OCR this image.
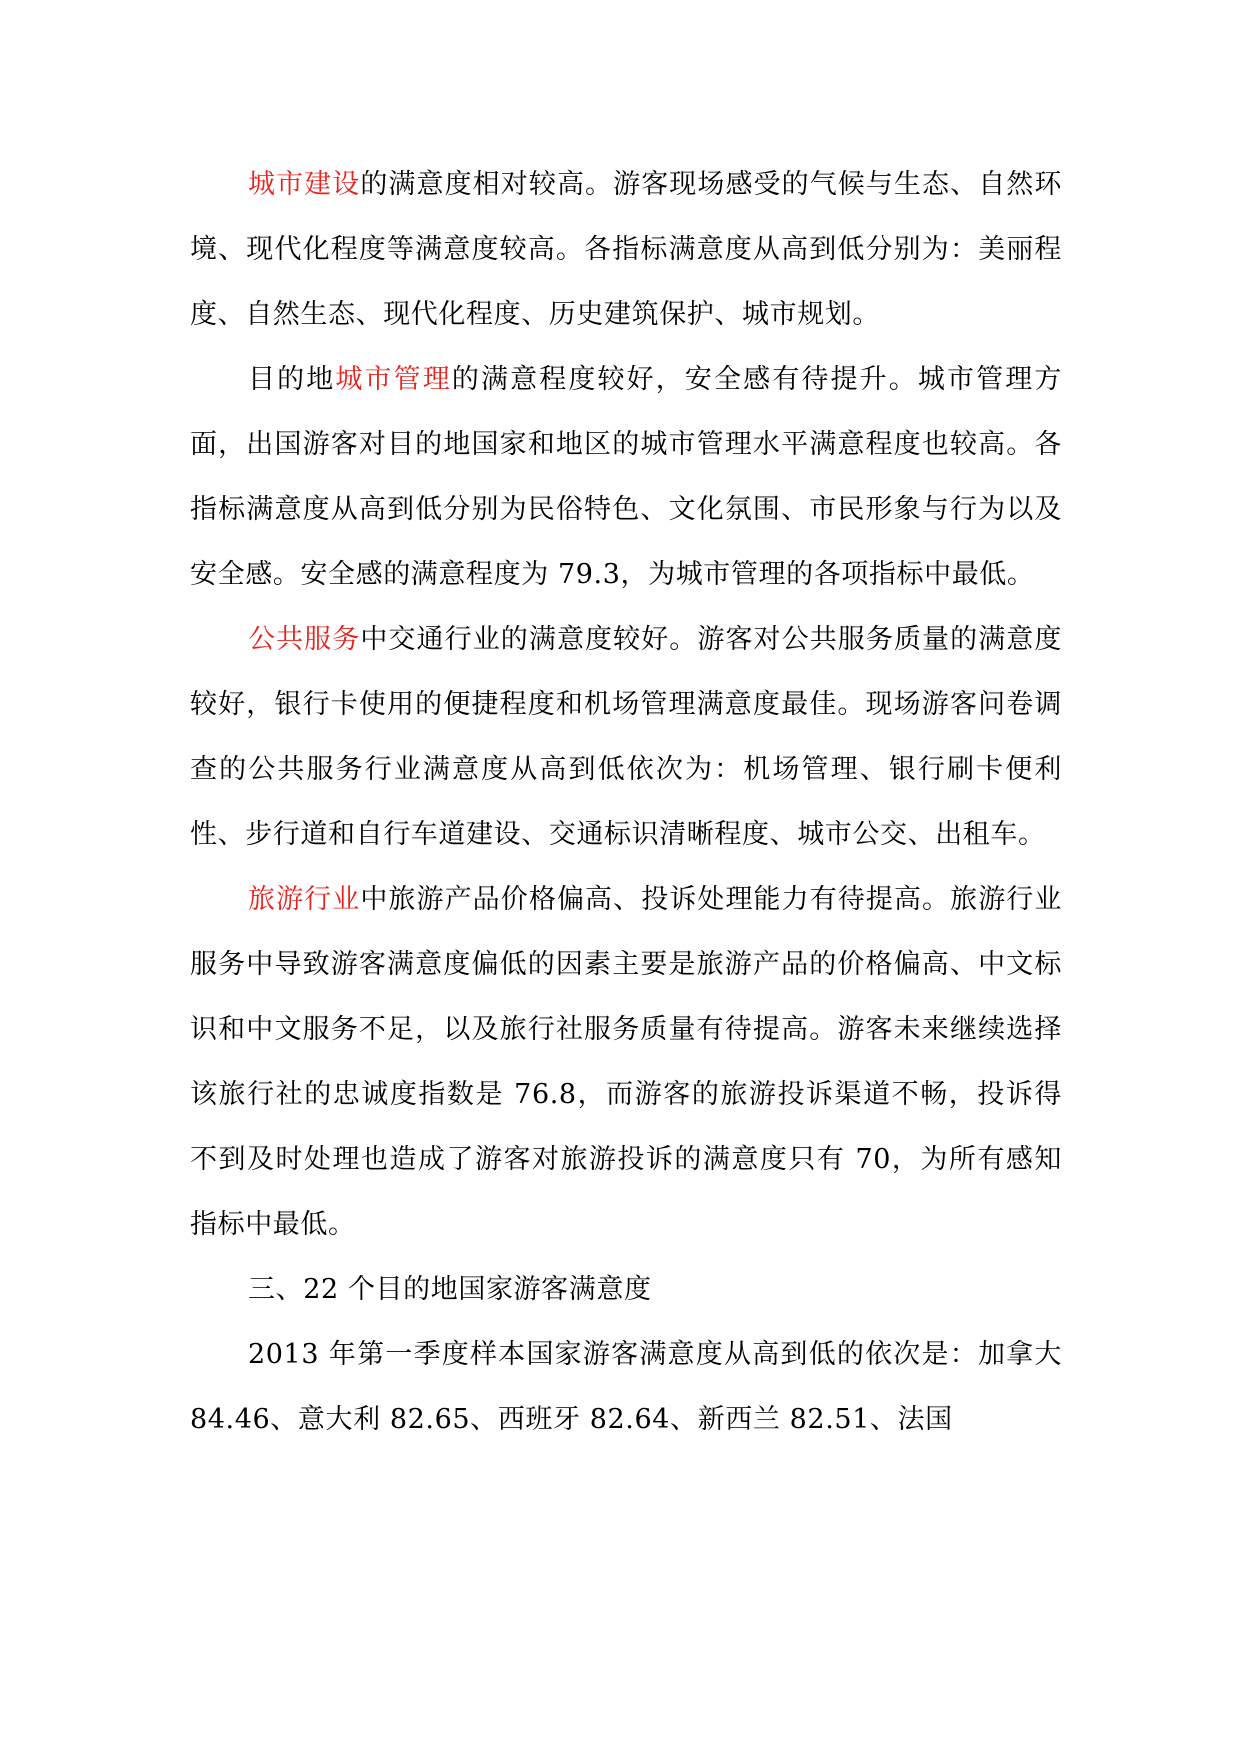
城市建设的满意度相对较高。游客现场感受的气候与生态、自然环境、现代化程度等满意度较高。各指标满意度从高到低分别为：美丽程度、自然生态、现代化程度、历史建筑保护、城市规划。

目的地城市管理的满意程度较好，安全感有待提升。城市管理方面，出国游客对目的地国家和地区的城市管理水平满意程度也较高。各指标满意度从高到低分别为民俗特色、文化氛围、市民形象与行为以及安全感。安全感的满意程度为 79.3，为城市管理的各项指标中最低。

公共服务中交通行业的满意度较好。游客对公共服务质量的满意度较好，银行卡使用的便捷程度和机场管理满意度最佳。现场游客问卷调查的公共服务行业满意度从高到低依次为：机场管理、银行刷卡便利性、步行道和自行车道建设、交通标识清晰程度、城市公交、出租车。

旅游行业中旅游产品价格偏高、投诉处理能力有待提高。旅游行业服务中导致游客满意度偏低的因素主要是旅游产品的价格偏高、中文标识和中文服务不足，以及旅行社服务质量有待提高。游客未来继续选择该旅行社的忠诚度指数是 76.8，而游客的旅游投诉渠道不畅，投诉得不到及时处理也造成了游客对旅游投诉的满意度只有 70，为所有感知指标中最低。

三、22 个目的地国家游客满意度

2013 年第一季度样本国家游客满意度从高到低的依次是：加拿大 84.46、意大利 82.65、西班牙 82.64、新西兰 82.51、法国
